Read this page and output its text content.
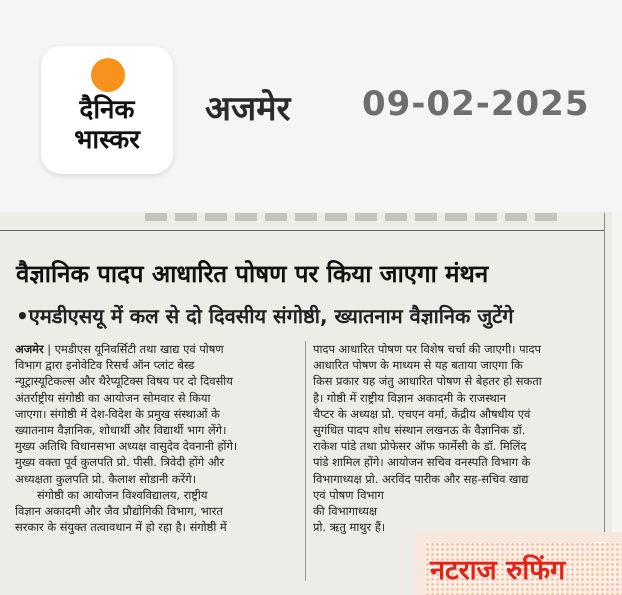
दैनिक
भास्कर
अजमेर 09-02-2025
वैज्ञानिक पादप आधारित पोषण पर किया जाएगा मंथन
•एमडीएसयू में कल से दो दिवसीय संगोष्ठी, ख्यातनाम वैज्ञानिक जुटेंगे
अजमेर | एमडीएस यूनिवर्सिटी तथा खाद्य एवं पोषण
विभाग द्वारा इनोवेटिव रिसर्च ऑन प्लांट बेस्ड
न्यूट्रास्यूटिकल्स और थैरेप्यूटिक्स विषय पर दो दिवसीय
अंतर्राष्ट्रीय संगोष्ठी का आयोजन सोमवार से किया
जाएगा। संगोष्ठी में देश-विदेश के प्रमुख संस्थाओं के
ख्यातनाम वैज्ञानिक, शोधार्थी और विद्यार्थी भाग लेंगे।
मुख्य अतिथि विधानसभा अध्यक्ष वासुदेव देवनानी होंगे।
मुख्य वक्ता पूर्व कुलपति प्रो. पीसी. त्रिवेदी होंगे और
अध्यक्षता कुलपति प्रो. कैलाश सोडानी करेंगे।
संगोष्ठी का आयोजन विश्वविद्यालय, राष्ट्रीय
विज्ञान अकादमी और जैव प्रौद्योगिकी विभाग, भारत
सरकार के संयुक्त तत्वावधान में हो रहा है। संगोष्ठी में
पादप आधारित पोषण पर विशेष चर्चा की जाएगी। पादप
आधारित पोषण के माध्यम से यह बताया जाएगा कि
किस प्रकार यह जंतु आधारित पोषण से बेहतर हो सकता
है। गोष्ठी में राष्ट्रीय विज्ञान अकादमी के राजस्थान
चैप्टर के अध्यक्ष प्रो. एचएन वर्मा, केंद्रीय औषधीय एवं
सुगंधित पादप शोध संस्थान लखनऊ के वैज्ञानिक डॉ.
राकेश पांडे तथा प्रोफेसर ऑफ फार्मेसी के डॉ. मिलिंद
पांडे शामिल होंगे। आयोजन सचिव वनस्पति विभाग के
विभागाध्यक्ष प्रो. अरविंद पारीक और सह-सचिव खाद्य
एवं पोषण विभाग
की विभागाध्यक्ष
प्रो. ऋतु माथुर हैं।
नटराज रुफिंग
